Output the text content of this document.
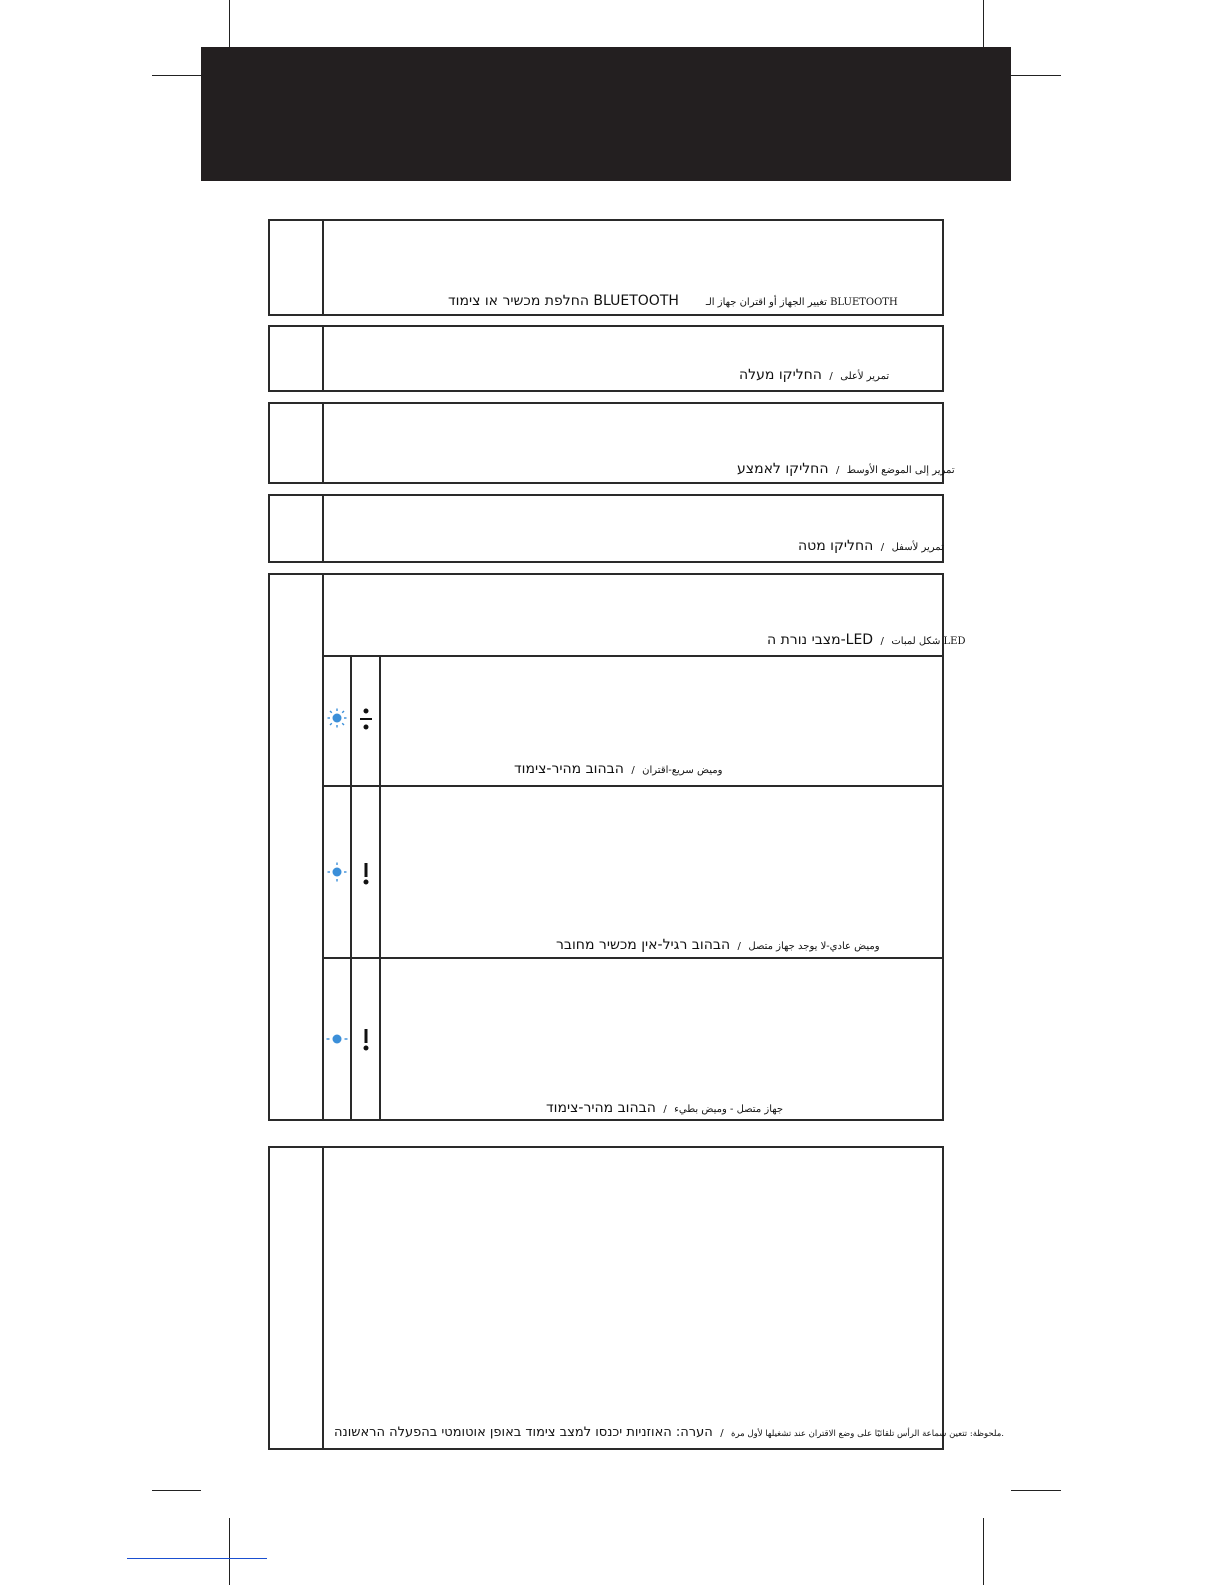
החלפת מכשיר או צימוד BLUETOOTH	تغيير الجهاز أو اقتران جهاز الـ BLUETOOTH
החליקו מעלה / تمرير لأعلى
החליקו לאמצע / تمرير إلى الموضع الأوسط
החליקו מטה / تمرير لأسفل
מצבי נורת ה-LED / شكل لمبات LED
הבהוב מהיר-צימוד / وميض سريع-اقتران
הבהוב רגיל-אין מכשיר מחובר / وميض عادي-لا يوجد جهاز متصل
הבהוב מהיר-צימוד / جهاز متصل - وميض بطيء
הערה: האוזניות יכנסו למצב צימוד באופן אוטומטי בהפעלה הראשונה / ملحوظة: تتعين سماعة الرأس تلقائيًا على وضع الاقتران عند تشغيلها لأول مرة.
